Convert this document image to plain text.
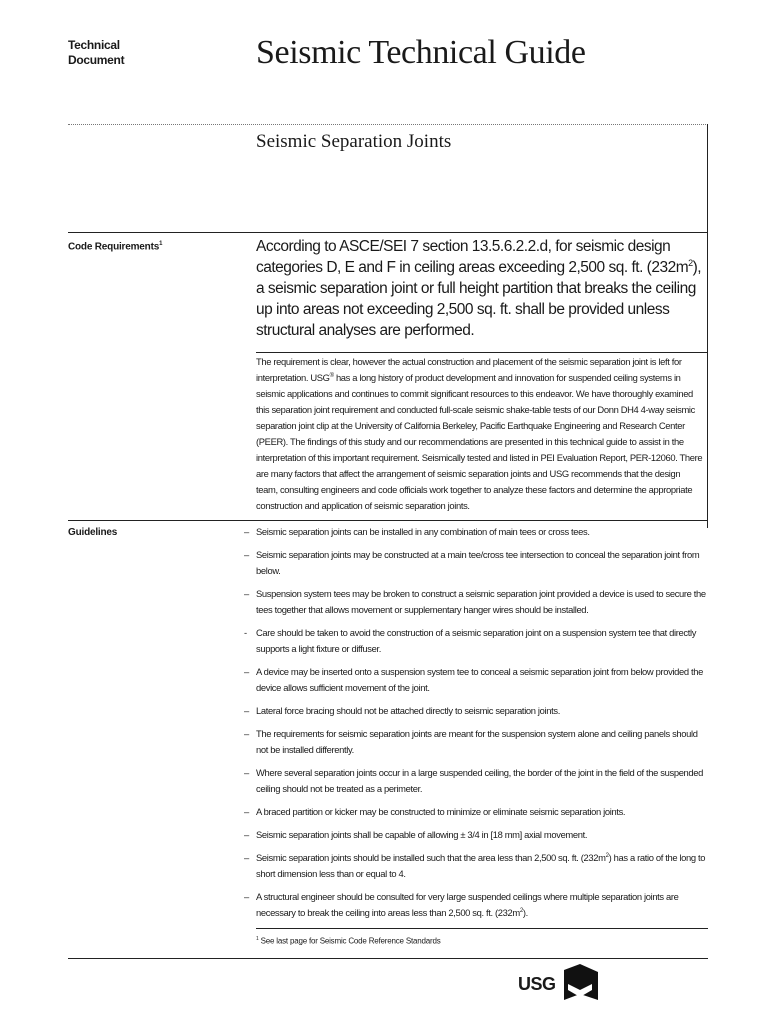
Technical
Document	Seismic Technical Guide
Seismic Separation Joints
Code Requirements$^1$	According to ASCE/SEI 7 section 13.5.6.2.2.d, for seismic design categories D, E and F in ceiling areas exceeding 2,500 sq. ft. $(232m^2)$, a seismic separation joint or full height partition that breaks the ceiling up into areas not exceeding 2,500 sq. ft. shall be provided unless structural analyses are performed.
The requirement is clear, however the actual construction and placement of the seismic separation joint is left for interpretation. USG® has a long history of product development and innovation for suspended ceiling systems in seismic applications and continues to commit significant resources to this endeavor. We have thoroughly examined this separation joint requirement and conducted full-scale seismic shake-table tests of our Donn DH4 4-way seismic separation joint clip at the University of California Berkeley, Pacific Earthquake Engineering and Research Center (PEER). The findings of this study and our recommendations are presented in this technical guide to assist in the interpretation of this important requirement. Seismically tested and listed in PEI Evaluation Report, PER-12060. There are many factors that affect the arrangement of seismic separation joints and USG recommends that the design team, consulting engineers and code officials work together to analyze these factors and determine the appropriate construction and application of seismic separation joints.
Guidelines	– Seismic separation joints can be installed in any combination of main tees or cross tees.
– Seismic separation joints may be constructed at a main tee/cross tee intersection to conceal the separation joint from below.
– Suspension system tees may be broken to construct a seismic separation joint provided a device is used to secure the tees together that allows movement or supplementary hanger wires should be installed.
- Care should be taken to avoid the construction of a seismic separation joint on a suspension system tee that directly supports a light fixture or diffuser.
– A device may be inserted onto a suspension system tee to conceal a seismic separation joint from below provided the device allows sufficient movement of the joint.
– Lateral force bracing should not be attached directly to seismic separation joints.
– The requirements for seismic separation joints are meant for the suspension system alone and ceiling panels should not be installed differently.
– Where several separation joints occur in a large suspended ceiling, the border of the joint in the field of the suspended ceiling should not be treated as a perimeter.
– A braced partition or kicker may be constructed to minimize or eliminate seismic separation joints.
– Seismic separation joints shall be capable of allowing ± 3/4 in [18 mm] axial movement.
– Seismic separation joints should be installed such that the area less than 2,500 sq. ft. $(232m^2)$ has a ratio of the long to short dimension less than or equal to 4.
– A structural engineer should be consulted for very large suspended ceilings where multiple separation joints are necessary to break the ceiling into areas less than 2,500 sq. ft. $(232m^2)$.
$^1$ See last page for Seismic Code Reference Standards
USG
